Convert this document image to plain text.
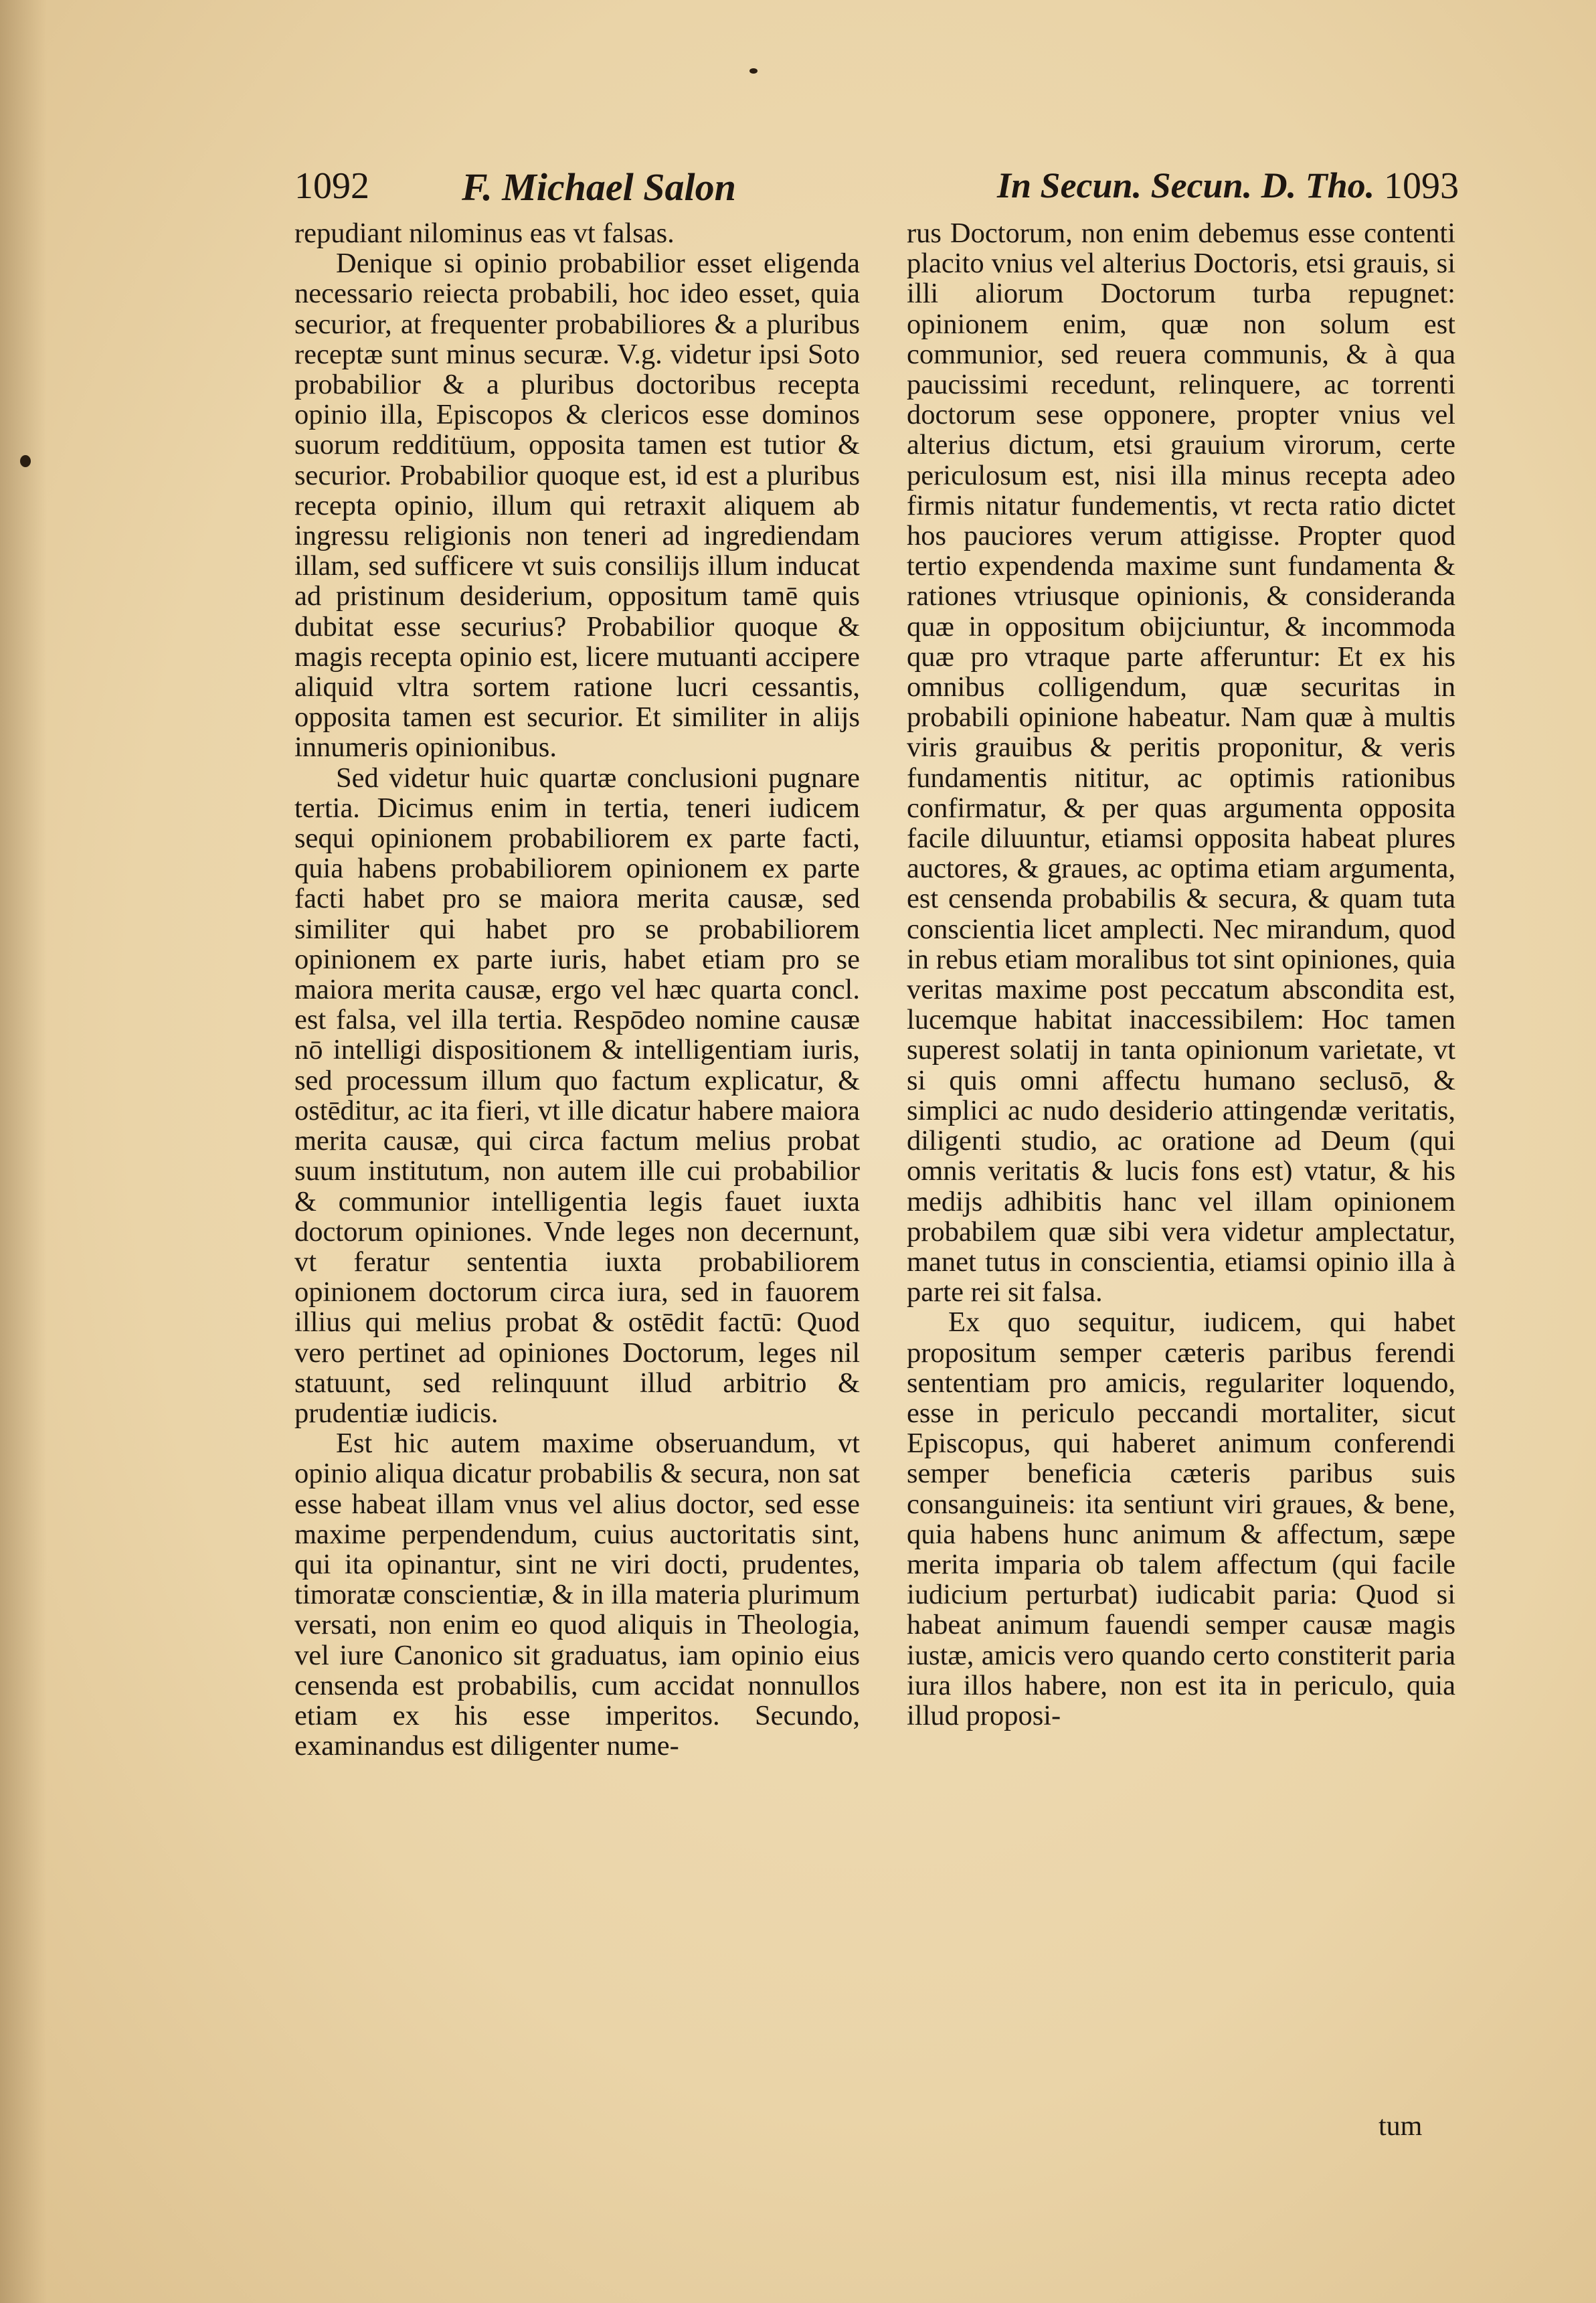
1092 F. Michael Salon	In Secun. Secun. D. Tho. 1093

repudiant nilominus eas vt falsas.

Denique si opinio probabilior esset eligenda necessario reiecta probabili, hoc ideo esset, quia securior, at frequenter probabiliores & a pluribus receptæ sunt minus securæ. V.g. videtur ipsi Soto probabilior & a pluribus doctoribus recepta opinio illa, Episcopos & clericos esse dominos suorum redditüum, opposita tamen est tutior & securior. Probabilior quoque est, id est a pluribus recepta opinio, illum qui retraxit aliquem ab ingressu religionis non teneri ad ingrediendam illam, sed sufficere vt suis consilijs illum inducat ad pristinum desiderium, oppositum tamē quis dubitat esse securius? Probabilior quoque & magis recepta opinio est, licere mutuanti accipere aliquid vltra sortem ratione lucri cessantis, opposita tamen est securior. Et similiter in alijs innumeris opinionibus.

Sed videtur huic quartæ conclusioni pugnare tertia. Dicimus enim in tertia, teneri iudicem sequi opinionem probabiliorem ex parte facti, quia habens probabiliorem opinionem ex parte facti habet pro se maiora merita causæ, sed similiter qui habet pro se probabiliorem opinionem ex parte iuris, habet etiam pro se maiora merita causæ, ergo vel hæc quarta concl. est falsa, vel illa tertia. Respōdeo nomine causæ nō intelligi dispositionem & intelligentiam iuris, sed processum illum quo factum explicatur, & ostēditur, ac ita fieri, vt ille dicatur habere maiora merita causæ, qui circa factum melius probat suum institutum, non autem ille cui probabilior & communior intelligentia legis fauet iuxta doctorum opiniones. Vnde leges non decernunt, vt feratur sententia iuxta probabiliorem opinionem doctorum circa iura, sed in fauorem illius qui melius probat & ostēdit factū: Quod vero pertinet ad opiniones Doctorum, leges nil statuunt, sed relinquunt illud arbitrio & prudentiæ iudicis.

Est hic autem maxime obseruandum, vt opinio aliqua dicatur probabilis & secura, non sat esse habeat illam vnus vel alius doctor, sed esse maxime perpendendum, cuius auctoritatis sint, qui ita opinantur, sint ne viri docti, prudentes, timoratæ conscientiæ, & in illa materia plurimum versati, non enim eo quod aliquis in Theologia, vel iure Canonico sit graduatus, iam opinio eius censenda est probabilis, cum accidat nonnullos etiam ex his esse imperitos. Secundo, examinandus est diligenter nume-

rus Doctorum, non enim debemus esse contenti placito vnius vel alterius Doctoris, etsi grauis, si illi aliorum Doctorum turba repugnet: opinionem enim, quæ non solum est communior, sed reuera communis, & à qua paucissimi recedunt, relinquere, ac torrenti doctorum sese opponere, propter vnius vel alterius dictum, etsi grauium virorum, certe periculosum est, nisi illa minus recepta adeo firmis nitatur fundementis, vt recta ratio dictet hos pauciores verum attigisse. Propter quod tertio expendenda maxime sunt fundamenta & rationes vtriusque opinionis, & consideranda quæ in oppositum obijciuntur, & incommoda quæ pro vtraque parte afferuntur: Et ex his omnibus colligendum, quæ securitas in probabili opinione habeatur. Nam quæ à multis viris grauibus & peritis proponitur, & veris fundamentis nititur, ac optimis rationibus confirmatur, & per quas argumenta opposita facile diluuntur, etiamsi opposita habeat plures auctores, & graues, ac optima etiam argumenta, est censenda probabilis & secura, & quam tuta conscientia licet amplecti. Nec mirandum, quod in rebus etiam moralibus tot sint opiniones, quia veritas maxime post peccatum abscondita est, lucemque habitat inaccessibilem: Hoc tamen superest solatij in tanta opinionum varietate, vt si quis omni affectu humano seclusō, & simplici ac nudo desiderio attingendæ veritatis, diligenti studio, ac oratione ad Deum (qui omnis veritatis & lucis fons est) vtatur, & his medijs adhibitis hanc vel illam opinionem probabilem quæ sibi vera videtur amplectatur, manet tutus in conscientia, etiamsi opinio illa à parte rei sit falsa.

Ex quo sequitur, iudicem, qui habet propositum semper cæteris paribus ferendi sententiam pro amicis, regulariter loquendo, esse in periculo peccandi mortaliter, sicut Episcopus, qui haberet animum conferendi semper beneficia cæteris paribus suis consanguineis: ita sentiunt viri graues, & bene, quia habens hunc animum & affectum, sæpe merita imparia ob talem affectum (qui facile iudicium perturbat) iudicabit paria: Quod si habeat animum fauendi semper causæ magis iustæ, amicis vero quando certo constiterit paria iura illos habere, non est ita in periculo, quia illud proposi-

tum
